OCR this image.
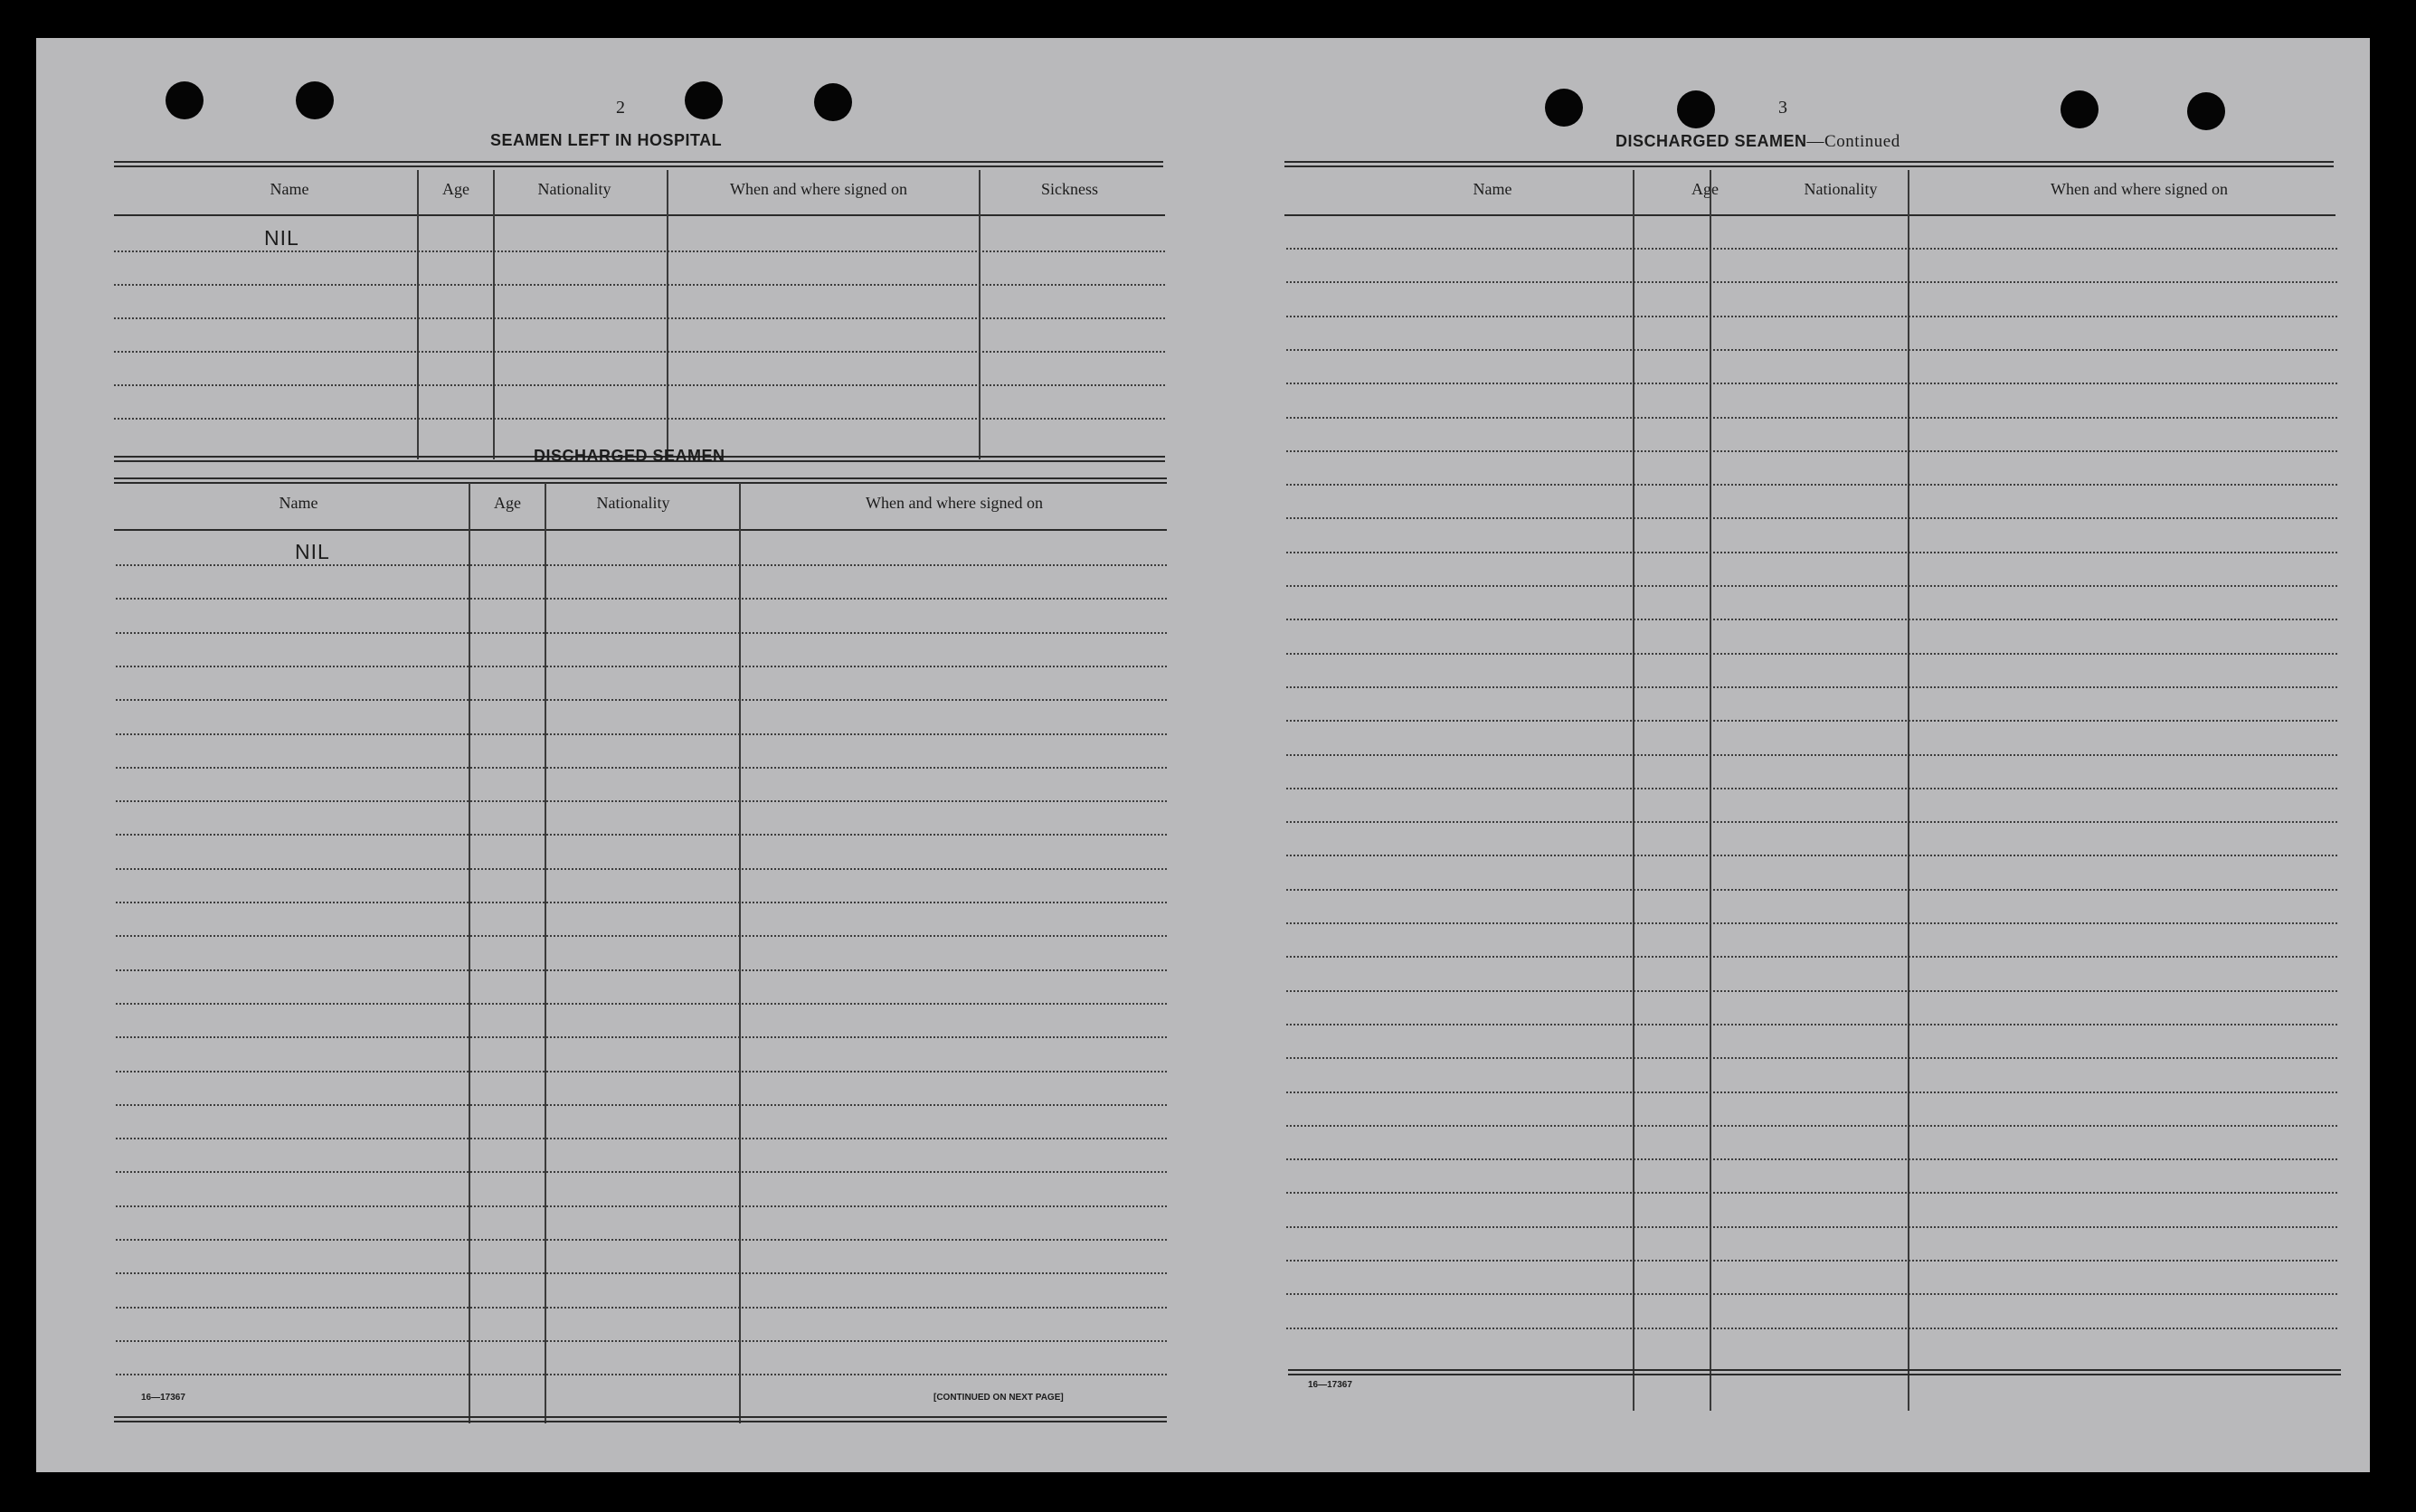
2
SEAMEN LEFT IN HOSPITAL
Name	Age	Nationality	When and where signed on	Sickness
NIL
DISCHARGED SEAMEN
Name	Age	Nationality	When and where signed on
NIL
16—17367	[CONTINUED ON NEXT PAGE]
3
DISCHARGED SEAMEN—Continued
Name	Age	Nationality	When and where signed on
16—17367
